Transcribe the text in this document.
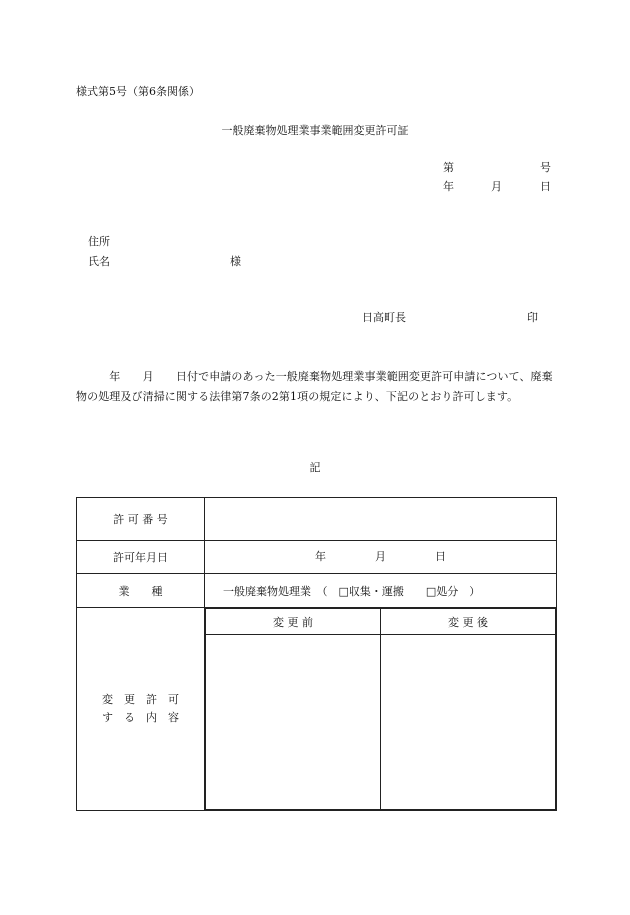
様式第5号（第6条関係）
一般廃棄物処理業事業範囲変更許可証
第	号
年	月	日
住所
氏名	様
日高町長	印
　　　年　　月　　日付で申請のあった一般廃棄物処理業事業範囲変更許可申請について、廃棄物の処理及び清掃に関する法律第7条の2第1項の規定により、下記のとおり許可します。
記
許 可 番 号	
許可年月日	年	月	日

業　　種	一般廃棄物処理業　（　□収集・運搬　　□処分　）

変　更　許　可
す　る　内　容

変 更 前	変 更 後
